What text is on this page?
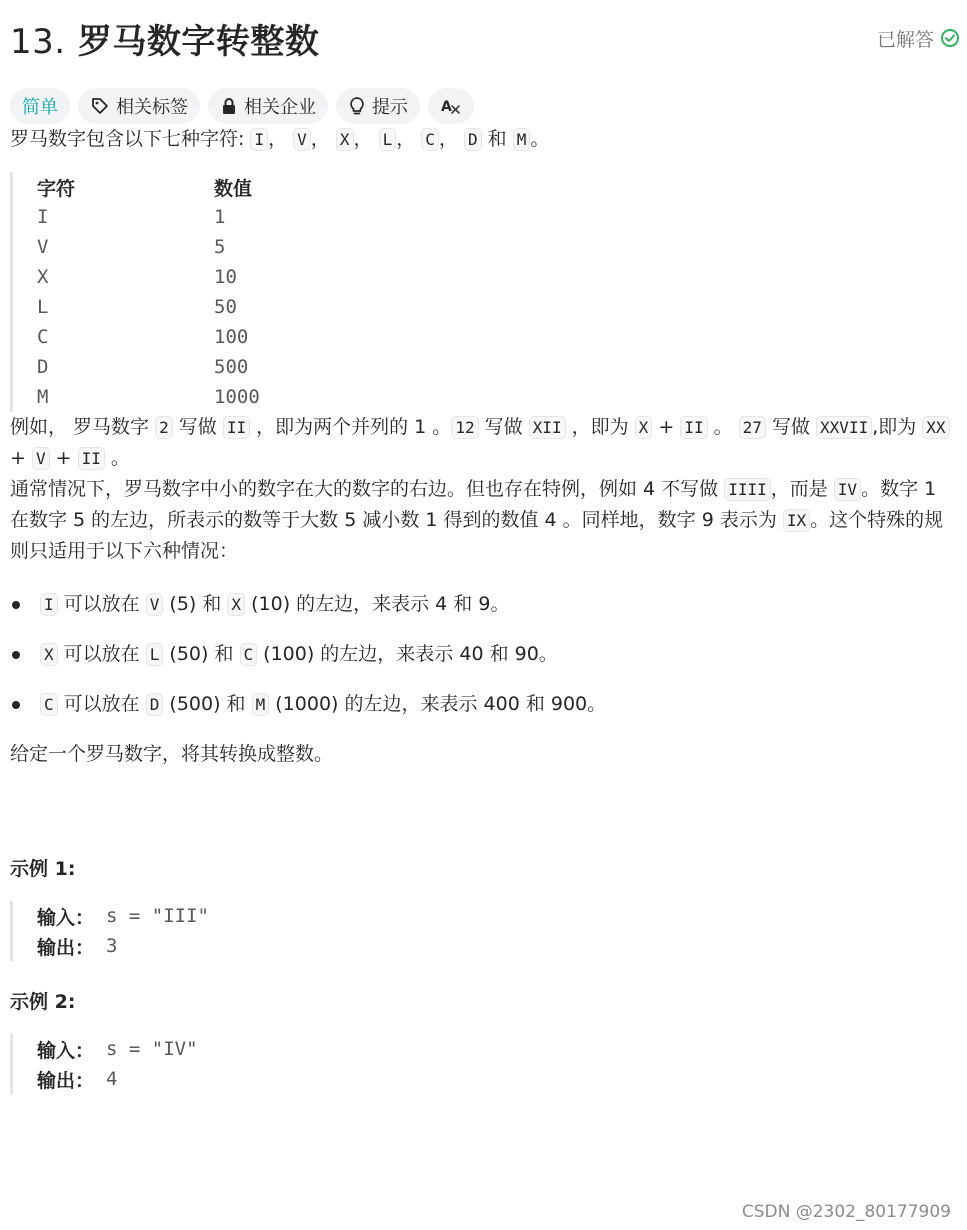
13. 罗马数字转整数	已解答
简单	相关标签	相关企业	提示 A

罗马数字包含以下七种字符: I ， V ， X ， L ， C ， D 和 M 。

字符	数值
I	1
V	5
X	10
L	50
C	100
D	500
M	1000

例如， 罗马数字 2 写做 II ，即为两个并列的 1 。 12 写做 XII ，即为 X + II 。 27 写做 XXVII ,即为 XX + V + II 。

通常情况下，罗马数字中小的数字在大的数字的右边。但也存在特例，例如 4 不写做 IIII ，而是 IV 。数字 1 在数字 5 的左边，所表示的数等于大数 5 减小数 1 得到的数值 4 。同样地，数字 9 表示为 IX 。这个特殊的规则只适用于以下六种情况：

I 可以放在 V (5) 和 X (10) 的左边，来表示 4 和 9。
X 可以放在 L (50) 和 C (100) 的左边，来表示 40 和 90。
C 可以放在 D (500) 和 M (1000) 的左边，来表示 400 和 900。

给定一个罗马数字，将其转换成整数。

示例 1:
输入： s = "III"
输出： 3
示例 2:
输入： s = "IV"
输出： 4
CSDN @2302_80177909
